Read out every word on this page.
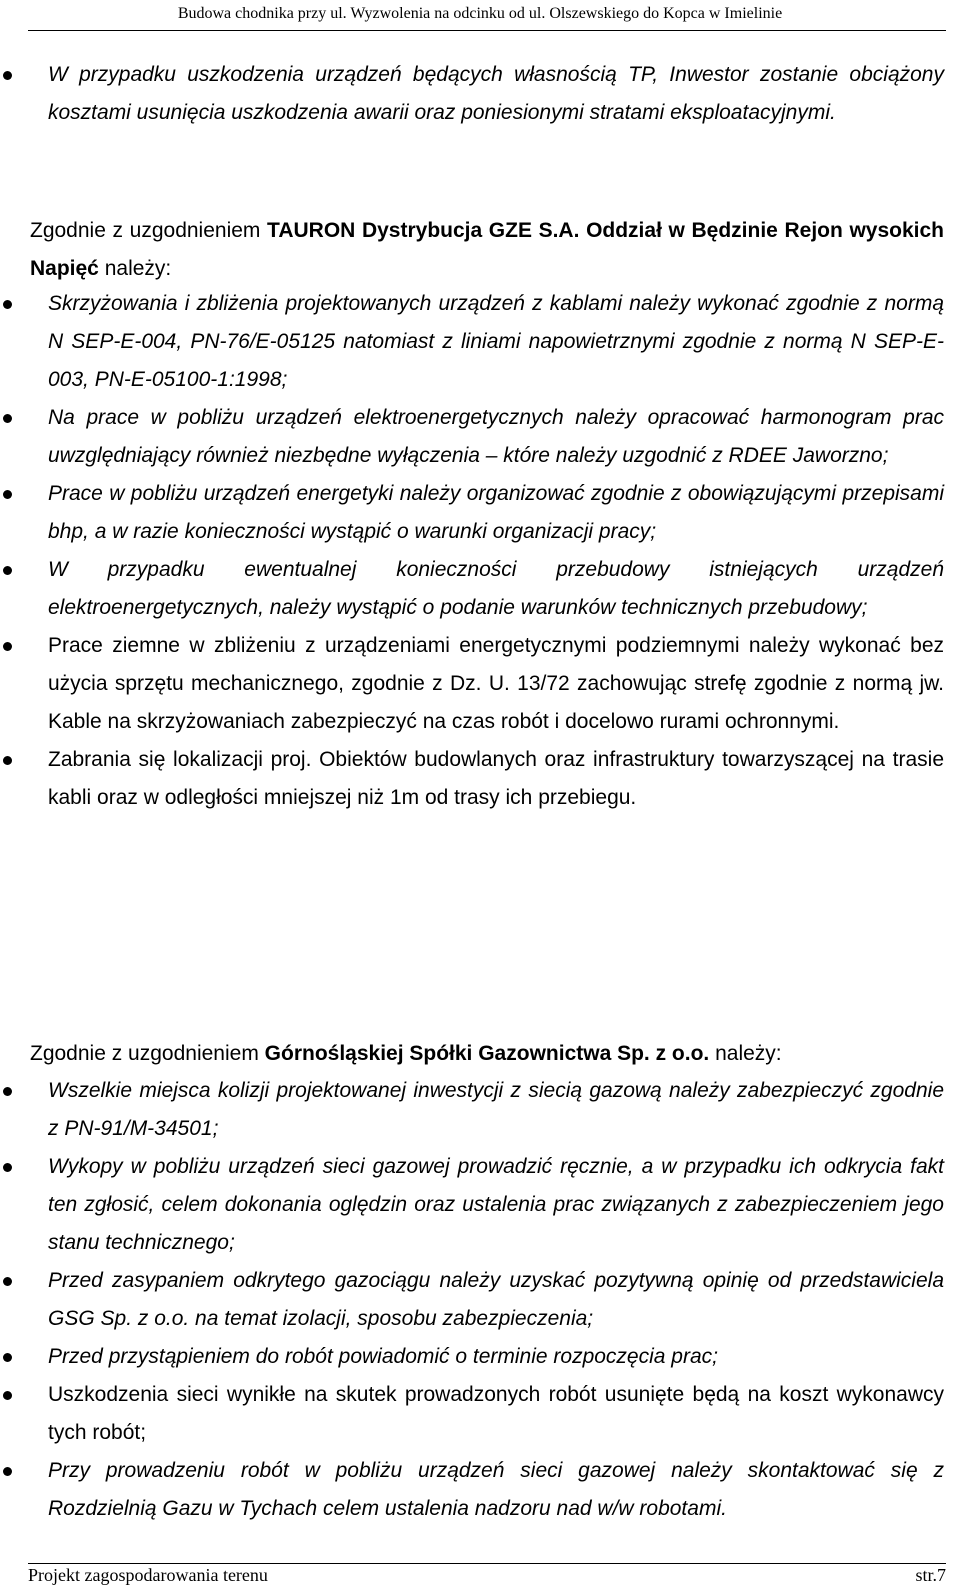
Budowa chodnika przy ul. Wyzwolenia na odcinku od ul. Olszewskiego do Kopca w Imielinie
W przypadku uszkodzenia urządzeń będących własnością TP, Inwestor zostanie obciążony kosztami usunięcia uszkodzenia awarii oraz poniesionymi stratami eksploatacyjnymi.

Zgodnie z uzgodnieniem TAURON Dystrybucja GZE S.A. Oddział w Będzinie Rejon wysokich Napięć należy:

Skrzyżowania i zbliżenia projektowanych urządzeń z kablami należy wykonać zgodnie z normą N SEP-E-004, PN-76/E-05125 natomiast z liniami napowietrznymi zgodnie z normą N SEP-E-003, PN-E-05100-1:1998;
Na prace w pobliżu urządzeń elektroenergetycznych należy opracować harmonogram prac uwzględniający również niezbędne wyłączenia – które należy uzgodnić z RDEE Jaworzno;
Prace w pobliżu urządzeń energetyki należy organizować zgodnie z obowiązującymi przepisami bhp, a w razie konieczności wystąpić o warunki organizacji pracy;
W przypadku ewentualnej konieczności przebudowy istniejących urządzeń elektroenergetycznych, należy wystąpić o podanie warunków technicznych przebudowy;
Prace ziemne w zbliżeniu z urządzeniami energetycznymi podziemnymi należy wykonać bez użycia sprzętu mechanicznego, zgodnie z Dz. U. 13/72 zachowując strefę zgodnie z normą jw. Kable na skrzyżowaniach zabezpieczyć na czas robót i docelowo rurami ochronnymi.
Zabrania się lokalizacji proj. Obiektów budowlanych oraz infrastruktury towarzyszącej na trasie kabli oraz w odległości mniejszej niż 1m od trasy ich przebiegu.

Zgodnie z uzgodnieniem Górnośląskiej Spółki Gazownictwa Sp. z o.o. należy:

Wszelkie miejsca kolizji projektowanej inwestycji z siecią gazową należy zabezpieczyć zgodnie z PN-91/M-34501;
Wykopy w pobliżu urządzeń sieci gazowej prowadzić ręcznie, a w przypadku ich odkrycia fakt ten zgłosić, celem dokonania oględzin oraz ustalenia prac związanych z zabezpieczeniem jego stanu technicznego;
Przed zasypaniem odkrytego gazociągu należy uzyskać pozytywną opinię od przedstawiciela GSG Sp. z o.o. na temat izolacji, sposobu zabezpieczenia;
Przed przystąpieniem do robót powiadomić o terminie rozpoczęcia prac;
Uszkodzenia sieci wynikłe na skutek prowadzonych robót usunięte będą na koszt wykonawcy tych robót;
Przy prowadzeniu robót w pobliżu urządzeń sieci gazowej należy skontaktować się z Rozdzielnią Gazu w Tychach celem ustalenia nadzoru nad w/w robotami.
Projekt zagospodarowania terenu	str.7
